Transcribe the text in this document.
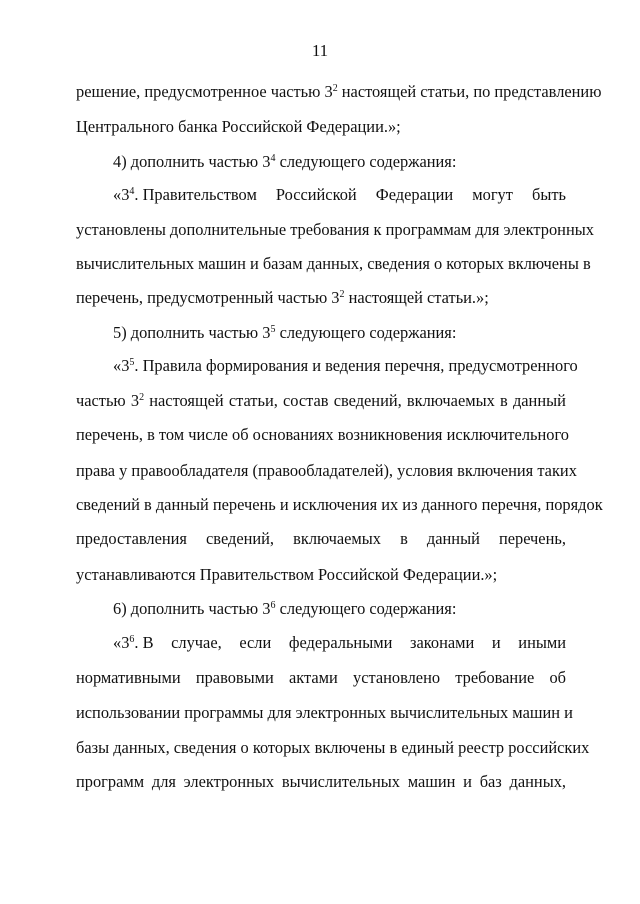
11
решение, предусмотренное частью $3^2$ настоящей статьи, по представлению
Центрального банка Российской Федерации.»;
4) дополнить частью $3^4$ следующего содержания:
«$3^4$. Правительством Российской Федерации могут быть
установлены дополнительные требования к программам для электронных
вычислительных машин и базам данных, сведения о которых включены в
перечень, предусмотренный частью $3^2$ настоящей статьи.»;
5) дополнить частью $3^5$ следующего содержания:
«$3^5$. Правила формирования и ведения перечня, предусмотренного
частью $3^2$ настоящей статьи, состав сведений, включаемых в данный
перечень, в том числе об основаниях возникновения исключительного
права у правообладателя (правообладателей), условия включения таких
сведений в данный перечень и исключения их из данного перечня, порядок
предоставления сведений, включаемых в данный перечень,
устанавливаются Правительством Российской Федерации.»;
6) дополнить частью $3^6$ следующего содержания:
«$3^6$. В случае, если федеральными законами и иными
нормативными правовыми актами установлено требование об
использовании программы для электронных вычислительных машин и
базы данных, сведения о которых включены в единый реестр российских
программ для электронных вычислительных машин и баз данных,
